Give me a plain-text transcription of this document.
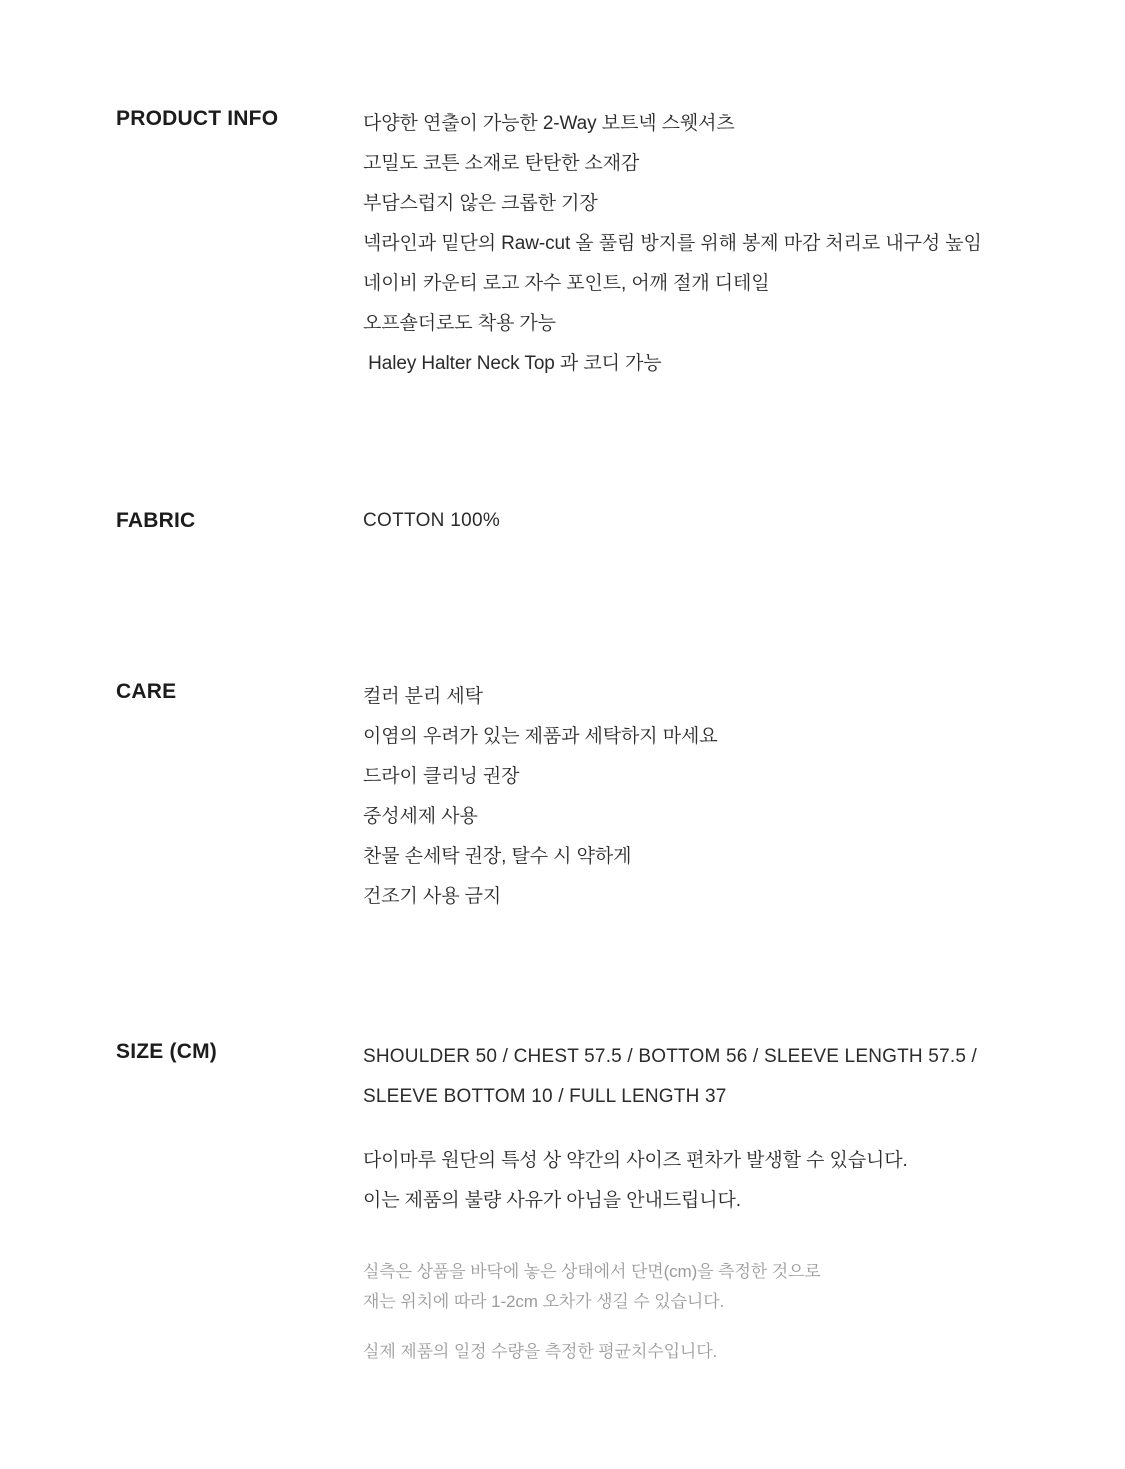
PRODUCT INFO	다양한 연출이 가능한 2-Way 보트넥 스웻셔츠
고밀도 코튼 소재로 탄탄한 소재감
부담스럽지 않은 크롭한 기장
넥라인과 밑단의 Raw-cut 올 풀림 방지를 위해 봉제 마감 처리로 내구성 높임
네이비 카운티 로고 자수 포인트, 어깨 절개 디테일
오프숄더로도 착용 가능
Haley Halter Neck Top 과 코디 가능
FABRIC	COTTON 100%
CARE	컬러 분리 세탁
이염의 우려가 있는 제품과 세탁하지 마세요
드라이 클리닝 권장
중성세제 사용
찬물 손세탁 권장, 탈수 시 약하게
건조기 사용 금지
SIZE (CM)	SHOULDER 50 / CHEST 57.5 / BOTTOM 56 / SLEEVE LENGTH 57.5 /
SLEEVE BOTTOM 10 / FULL LENGTH 37
다이마루 원단의 특성 상 약간의 사이즈 편차가 발생할 수 있습니다.
이는 제품의 불량 사유가 아님을 안내드립니다.
실측은 상품을 바닥에 놓은 상태에서 단면(cm)을 측정한 것으로
재는 위치에 따라 1-2cm 오차가 생길 수 있습니다.
실제 제품의 일정 수량을 측정한 평균치수입니다.
